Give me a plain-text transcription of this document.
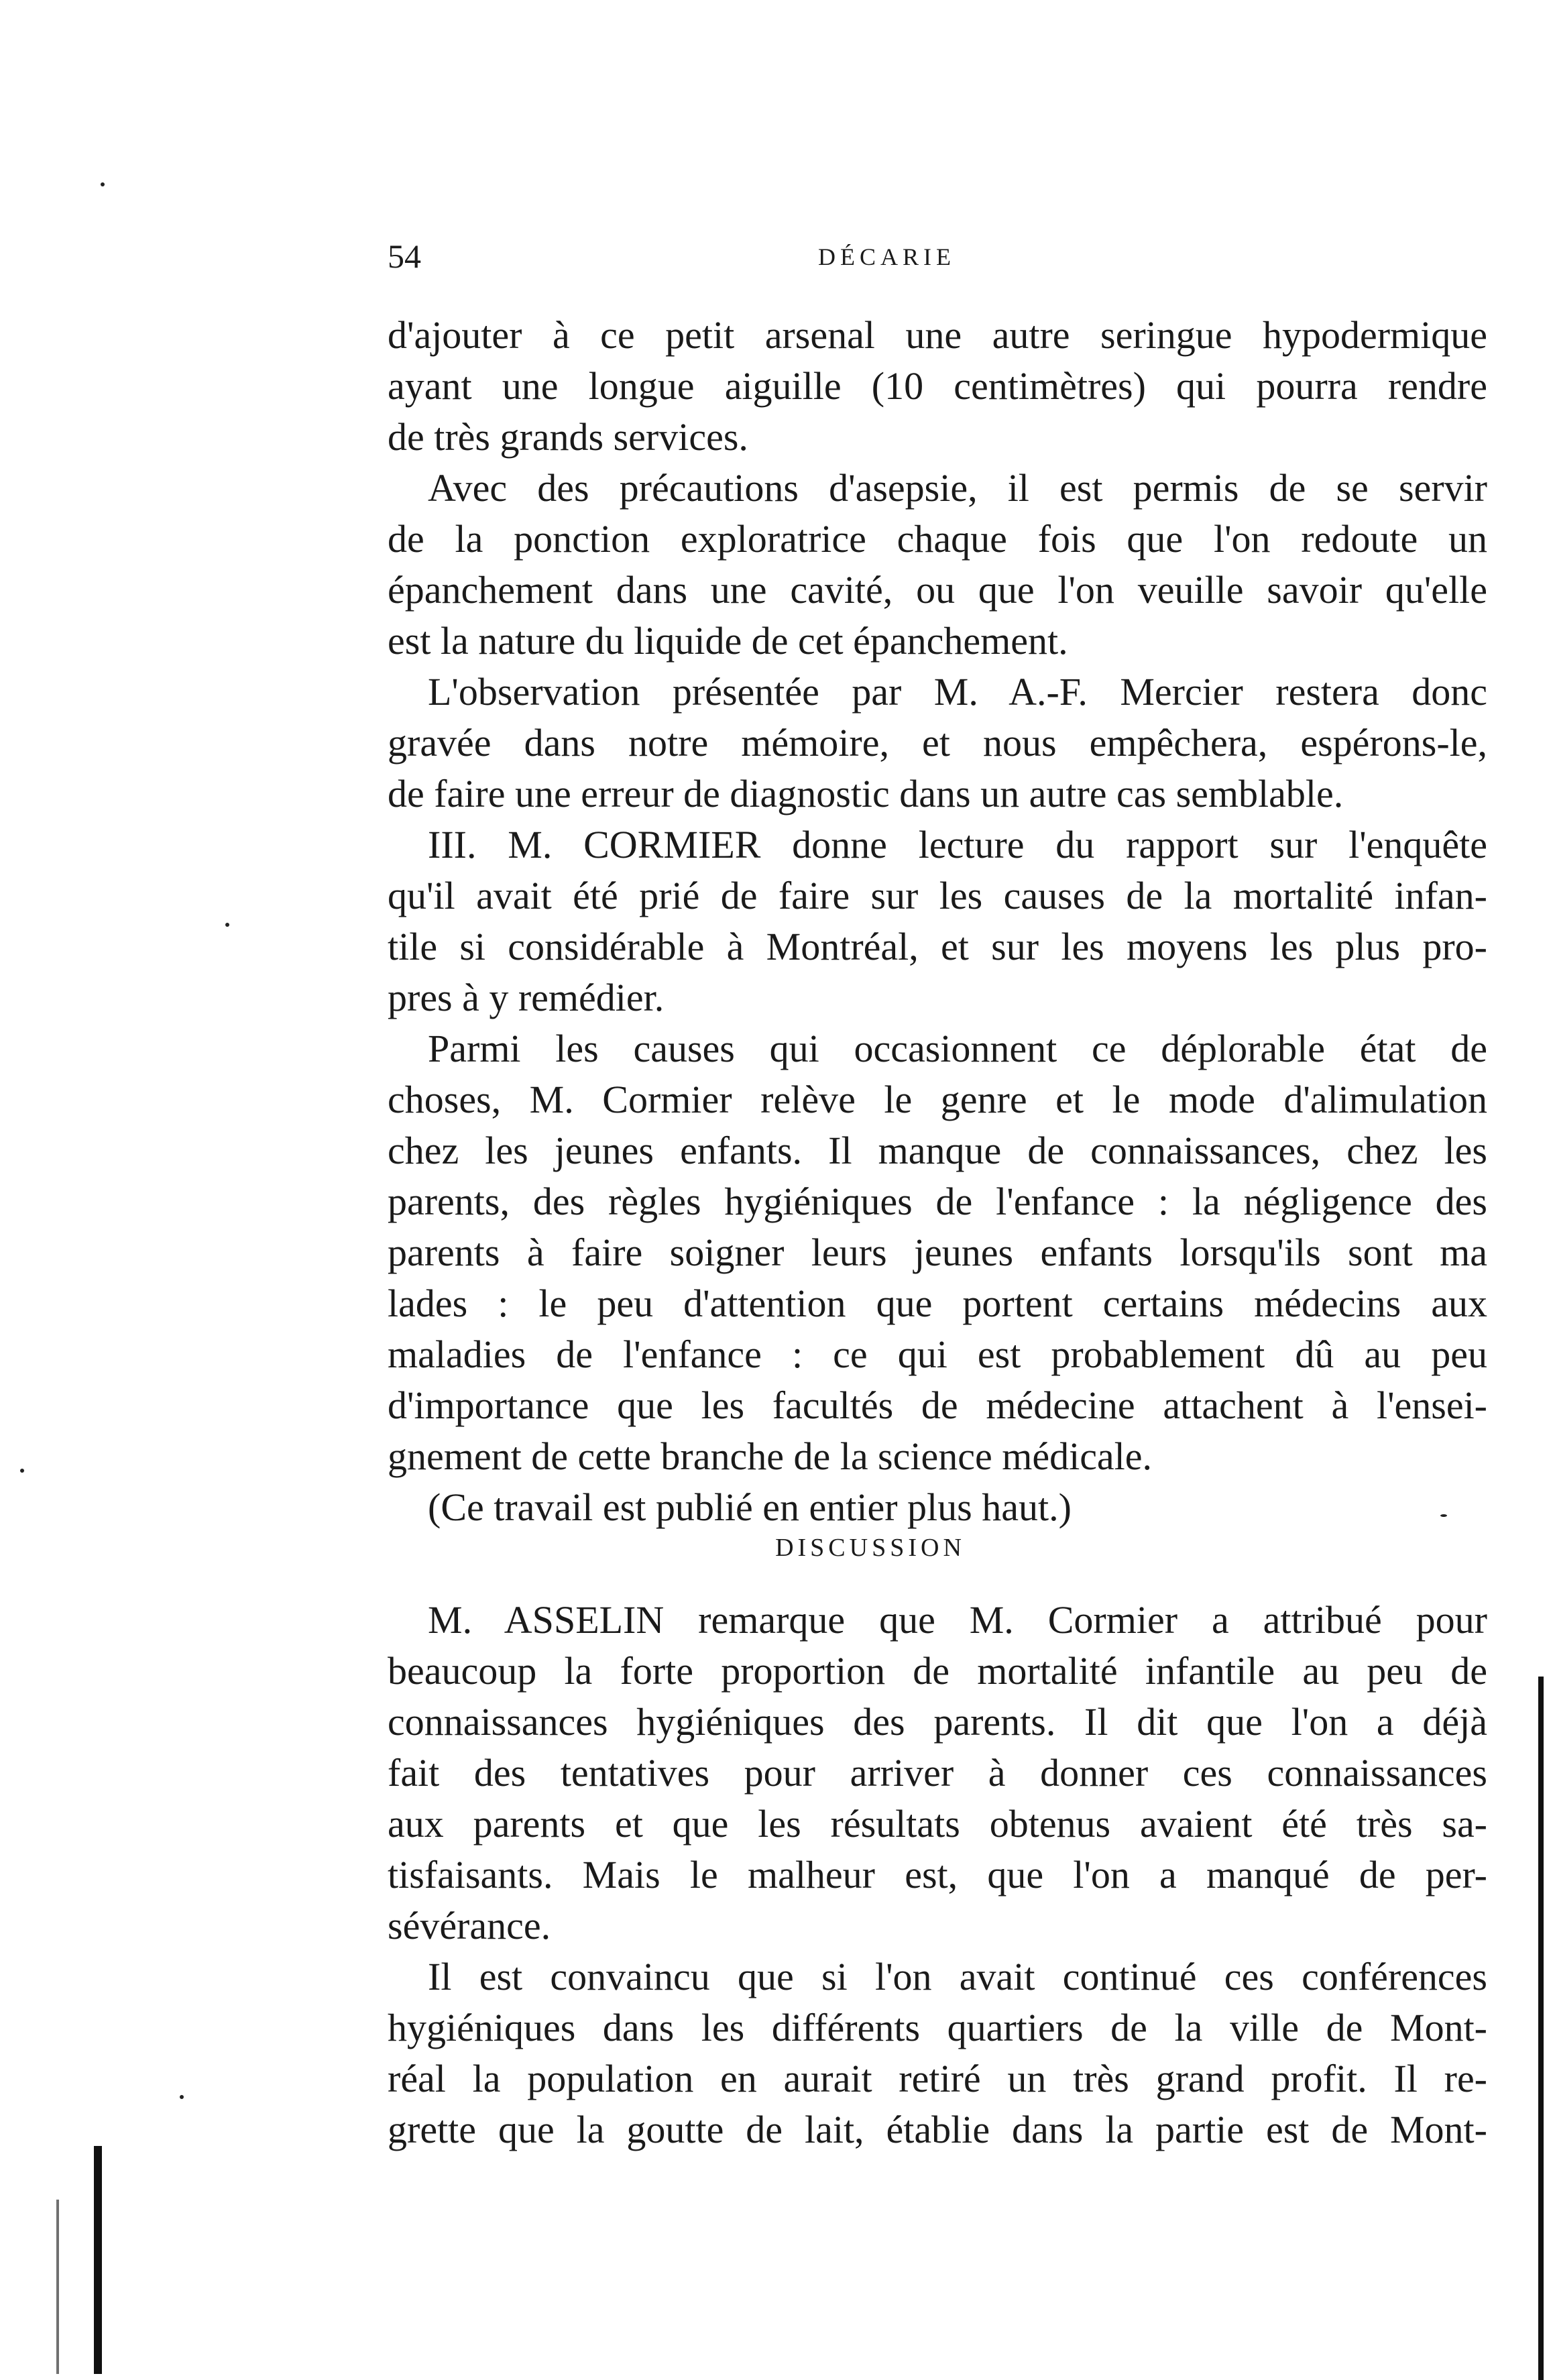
54	DÉCARIE
d'ajouter à ce petit arsenal une autre seringue hypodermique
ayant une longue aiguille (10 centimètres) qui pourra rendre
de très grands services.
Avec des précautions d'asepsie, il est permis de se servir
de la ponction exploratrice chaque fois que l'on redoute un
épanchement dans une cavité, ou que l'on veuille savoir qu'elle
est la nature du liquide de cet épanchement.
L'observation présentée par M. A.-F. Mercier restera donc
gravée dans notre mémoire, et nous empêchera, espérons-le,
de faire une erreur de diagnostic dans un autre cas semblable.
III. M. CORMIER donne lecture du rapport sur l'enquête
qu'il avait été prié de faire sur les causes de la mortalité infan-
tile si considérable à Montréal, et sur les moyens les plus pro-
pres à y remédier.
Parmi les causes qui occasionnent ce déplorable état de
choses, M. Cormier relève le genre et le mode d'alimulation
chez les jeunes enfants. Il manque de connaissances, chez les
parents, des règles hygiéniques de l'enfance : la négligence des
parents à faire soigner leurs jeunes enfants lorsqu'ils sont ma
lades : le peu d'attention que portent certains médecins aux
maladies de l'enfance : ce qui est probablement dû au peu
d'importance que les facultés de médecine attachent à l'ensei-
gnement de cette branche de la science médicale.
(Ce travail est publié en entier plus haut.)
DISCUSSION
M. ASSELIN remarque que M. Cormier a attribué pour
beaucoup la forte proportion de mortalité infantile au peu de
connaissances hygiéniques des parents. Il dit que l'on a déjà
fait des tentatives pour arriver à donner ces connaissances
aux parents et que les résultats obtenus avaient été très sa-
tisfaisants. Mais le malheur est, que l'on a manqué de per-
sévérance.
Il est convaincu que si l'on avait continué ces conférences
hygiéniques dans les différents quartiers de la ville de Mont-
réal la population en aurait retiré un très grand profit. Il re-
grette que la goutte de lait, établie dans la partie est de Mont-
